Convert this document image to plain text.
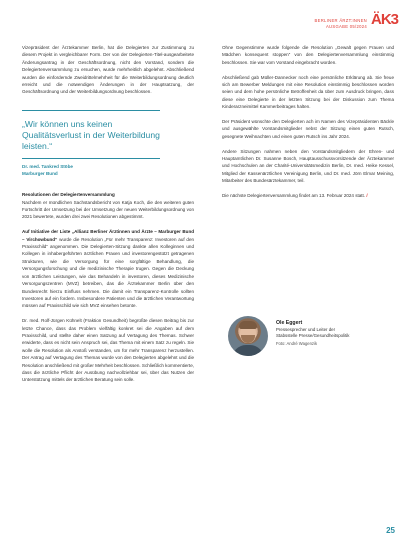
BERLINER ÄRZT:INNEN
AUSGABE 05/2024 ÄK3

Vizepräsident der Ärztekammer Berlin, hat die Delegierten zur Zustimmung zu diesem Projekt in vergleichbarer Form. Der von der Delegierten-Titel-ausgearbeitete Änderungsantrag in der Geschäftsordnung, nicht den Vorstand, sondern die Delegiertenversammlung zu ersuchen, wurde mehrheitlich abgelehnt. Abschließend wurden die einfordernde Zweidrittelmehrheit für die Weiterbildungsordnung deutlich erreicht und die notwendigen Änderungen in der Hauptsatzung, der Geschäftsordnung und der Weiterbildungsordnung beschlossen.

„Wir können uns keinen Qualitätsverlust in der Weiterbildung leisten.“
Dr. med. Tankred Stöbe
Marburger Bund

Resolutionen der Delegiertenversammlung
Nachdem er mündlichen Sachstandsbericht von Katja Koch, die den weiteren guten Fortschritt der Umsetzung bei der Umsetzung der neuen Weiterbildungsordnung von 2021 bewertete, wurden drei zwei Resolutionen abgestimmt.

Auf Initiative der Liste „Allianz Berliner Ärztinnen und Ärzte – Marburger Bund – Virchowbund“ wurde die Resolution „Für mehr Transparenz: Investoren auf den Praxisschild“ angenommen. Die Delegierten-Sitzung dankte allen Kolleginnen und Kollegen in inhabergeführten ärztlichen Praxen und investorengestützt getragenen Strukturen, wie die Versorgung für eine sorgfältige Behandlung, die Versorgungsforschung und die medizinische Therapie trugen. Gegen die Deckung von ärztlichen Leistungen, wie das Behandeln in investoren, dieses Medizinische Versorgungszentren (MVZ) betreiben, das die Ärztekammer Berlin über den Bundesrecht hierzu Einfluss nehmen. Die damit ein Transparenz-Kontrolle sollten Investoren auf ein fordern. Insbesondere Patienten und die ärztlichen Verantwortung müssen auf Praxisschild wie sich MVZ einsehen betonte.

Dr. med. Rolf-Jürgen Kühnelt (Fraktion Gesundheit) begrüßte diesen Beitrag bis zur letzte Chance, dass das Problem vielfältig konkret sei die Angaben auf dem Praxisschild, und stellte daher einen Satzung auf Vertagung des Themas. Schwer erwiderte, dass es nicht sein Anspruch sei, das Thema mit einem Satz zu regeln. Sie wolle die Resolution als Anstoß verstanden, um für mehr Transparenz herzustellen. Der Antrag auf Vertagung des Themas wurde von den Delegierten abgelehnt und die Resolution anschließend mit großer Mehrheit beschlossen. Schließlich kommentierte, dass die ärztliche Pflicht der Ausübung nachvollziehbar sei, über das Nutzen der Unterstützung mittels der ärztlichen Beratung sein solle.

Ohne Gegenstimme wurde folgende die Resolution „Gewalt gegen Frauen und Mädchen konsequent stoppen“ von den Delegiertenversammlung einstimmig beschlossen. Sie war vom Vorstand eingebracht worden.

Abschließend gab Müller-Dannecker noch eine persönliche Erklärung ab. Sie freue sich am Bewerber Meldungen mit eine Resolution einstimmig beschlossen worden seien und dem hohe persönliche Betroffenheit da über zum Ausdruck bringen, dass diese eine Delegierte in der letzten Sitzung bei der Diskussion zum Thema Kinderarzneimittel Kammerbeitrages halten.

Der Präsident wünschte den Delegierten ach im Namen des Vizepräsidenten Bäckle und ausgewählte Vorstandsmitglieder nebst der Sitzung einen guten Rutsch, gesegnete Weihnachten und einen guten Rutsch ins Jahr 2024.

Andere Sitzungen nahmen neben den Vorstandsmitgliedern der Ehren- und Hauptamtlichen Dr. Susanne Bosch, Hauptausschussvorsitzende der Ärztekammer und Hochschulen an der Charité-Universitätsmedizin Berlin, Dr. med. Heike Kessel, Mitglied der Kassenärztlichen Vereinigung Berlin, und Dr. med. Jörn Elmar Meining, Mitarbeiter des Bundesärztekammer, teil.

Die nächste Delegiertenversammlung findet am 13. Februar 2024 statt. /

Ole Eggert
Pressesprecher und Leiter der
Stabsstelle Presse/Gesundheitspolitik
Foto: André Wagenzik
25
